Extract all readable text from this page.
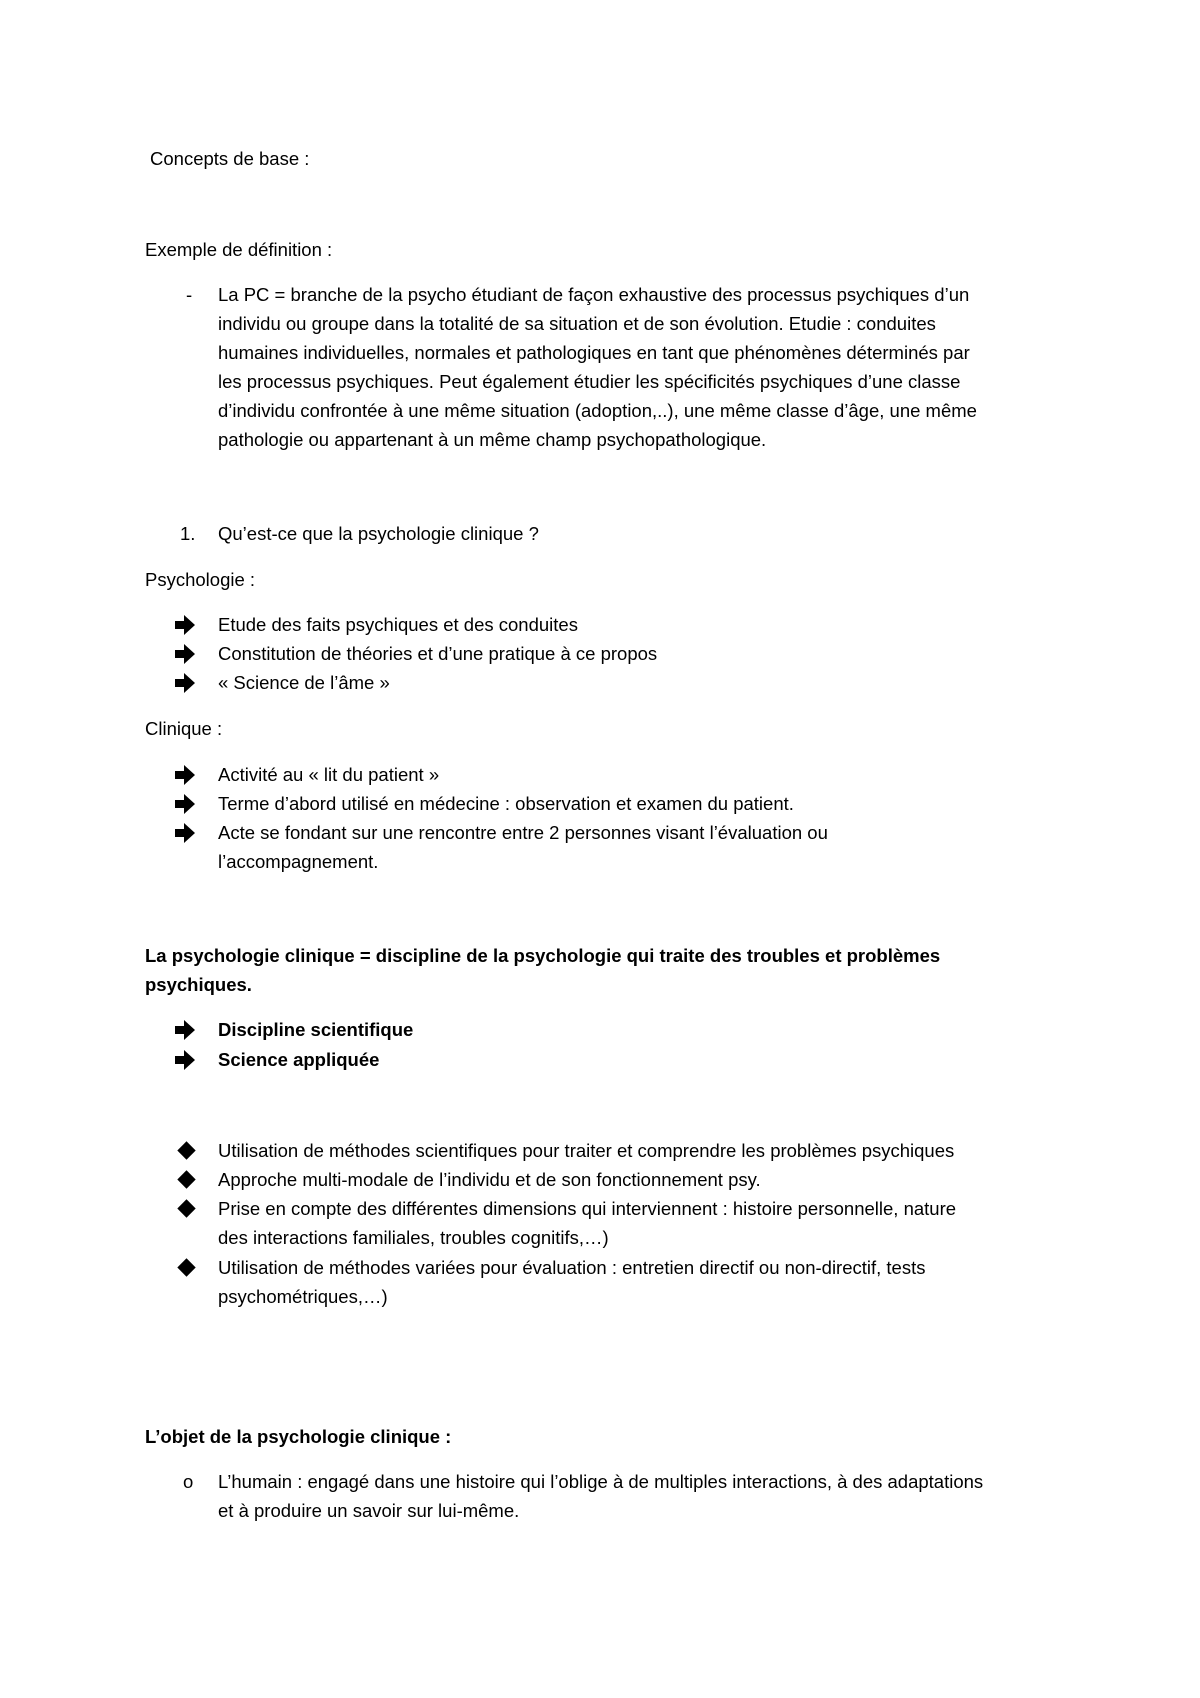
Concepts de base :
Exemple de définition :
- La PC = branche de la psycho étudiant de façon exhaustive des processus psychiques d’un
individu ou groupe dans la totalité de sa situation et de son évolution. Etudie : conduites
humaines individuelles, normales et pathologiques en tant que phénomènes déterminés par
les processus psychiques. Peut également étudier les spécificités psychiques d’une classe
d’individu confrontée à une même situation (adoption,..), une même classe d’âge, une même
pathologie ou appartenant à un même champ psychopathologique.
1. Qu’est-ce que la psychologie clinique ?
Psychologie :
Etude des faits psychiques et des conduites
Constitution de théories et d’une pratique à ce propos
« Science de l’âme »
Clinique :
Activité au « lit du patient »
Terme d’abord utilisé en médecine : observation et examen du patient.
Acte se fondant sur une rencontre entre 2 personnes visant l’évaluation ou
l’accompagnement.
La psychologie clinique = discipline de la psychologie qui traite des troubles et problèmes
psychiques.
Discipline scientifique
Science appliquée
Utilisation de méthodes scientifiques pour traiter et comprendre les problèmes psychiques
Approche multi-modale de l’individu et de son fonctionnement psy.
Prise en compte des différentes dimensions qui interviennent : histoire personnelle, nature
des interactions familiales, troubles cognitifs,…)
Utilisation de méthodes variées pour évaluation : entretien directif ou non-directif, tests
psychométriques,…)
L’objet de la psychologie clinique :
o L’humain : engagé dans une histoire qui l’oblige à de multiples interactions, à des adaptations
et à produire un savoir sur lui-même.
